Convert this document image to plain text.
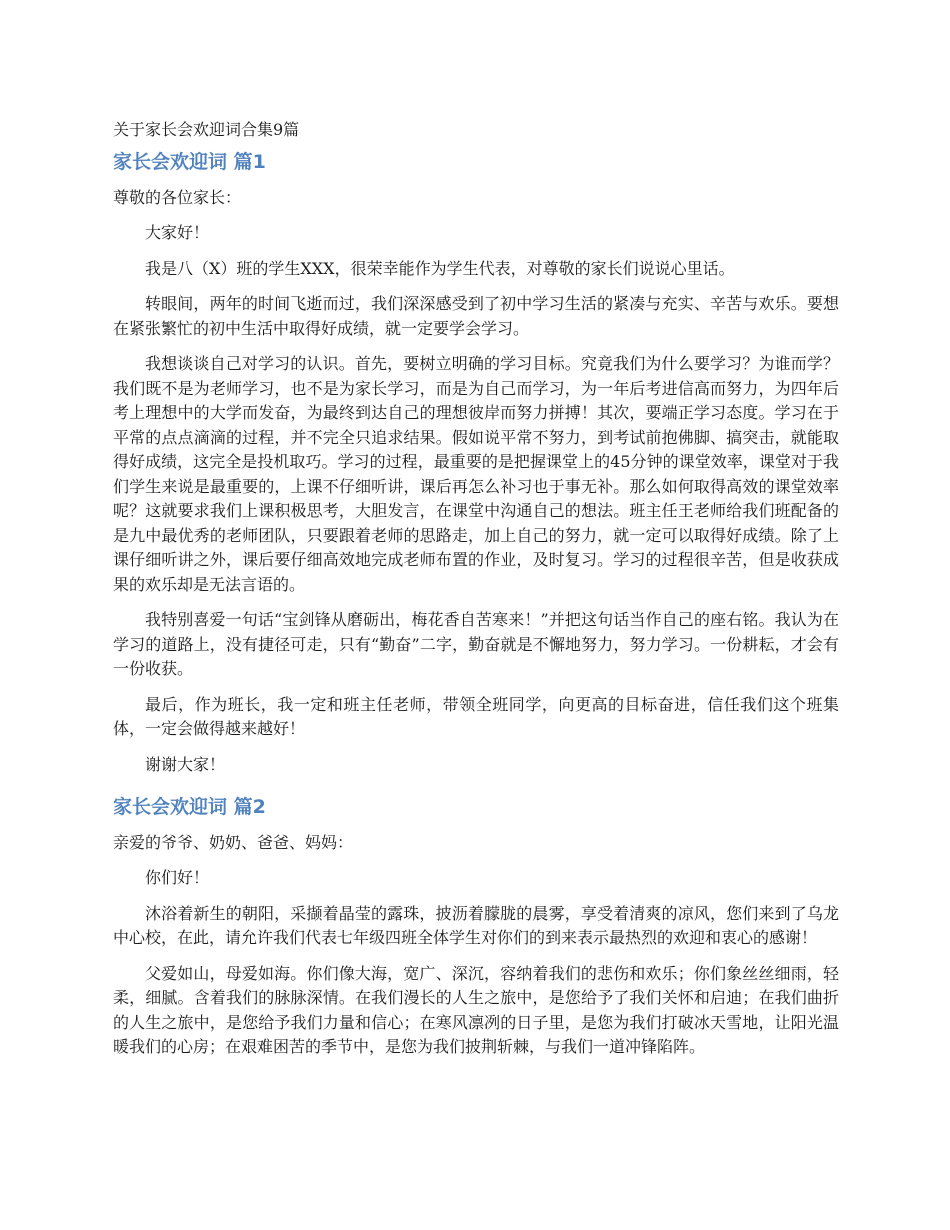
关于家长会欢迎词合集9篇
家长会欢迎词 篇1
尊敬的各位家长：

大家好！

我是八（X）班的学生XXX，很荣幸能作为学生代表，对尊敬的家长们说说心里话。

转眼间，两年的时间飞逝而过，我们深深感受到了初中学习生活的紧凑与充实、辛苦与欢乐。要想在紧张繁忙的初中生活中取得好成绩，就一定要学会学习。

我想谈谈自己对学习的认识。首先，要树立明确的学习目标。究竟我们为什么要学习？为谁而学？我们既不是为老师学习，也不是为家长学习，而是为自己而学习，为一年后考进信高而努力，为四年后考上理想中的大学而发奋，为最终到达自己的理想彼岸而努力拼搏！其次，要端正学习态度。学习在于平常的点点滴滴的过程，并不完全只追求结果。假如说平常不努力，到考试前抱佛脚、搞突击，就能取得好成绩，这完全是投机取巧。学习的过程，最重要的是把握课堂上的45分钟的课堂效率，课堂对于我们学生来说是最重要的，上课不仔细听讲，课后再怎么补习也于事无补。那么如何取得高效的课堂效率呢？这就要求我们上课积极思考，大胆发言，在课堂中沟通自己的想法。班主任王老师给我们班配备的是九中最优秀的老师团队，只要跟着老师的思路走，加上自己的努力，就一定可以取得好成绩。除了上课仔细听讲之外，课后要仔细高效地完成老师布置的作业，及时复习。学习的过程很辛苦，但是收获成果的欢乐却是无法言语的。

我特别喜爱一句话“宝剑锋从磨砺出，梅花香自苦寒来！”并把这句话当作自己的座右铭。我认为在学习的道路上，没有捷径可走，只有“勤奋”二字，勤奋就是不懈地努力，努力学习。一份耕耘，才会有一份收获。

最后，作为班长，我一定和班主任老师，带领全班同学，向更高的目标奋进，信任我们这个班集体，一定会做得越来越好！

谢谢大家！

家长会欢迎词 篇2
亲爱的爷爷、奶奶、爸爸、妈妈：

你们好！

沐浴着新生的朝阳，采撷着晶莹的露珠，披沥着朦胧的晨雾，享受着清爽的凉风，您们来到了乌龙中心校，在此，请允许我们代表七年级四班全体学生对你们的到来表示最热烈的欢迎和衷心的感谢！

父爱如山，母爱如海。你们像大海，宽广、深沉，容纳着我们的悲伤和欢乐；你们象丝丝细雨，轻柔，细腻。含着我们的脉脉深情。在我们漫长的人生之旅中，是您给予了我们关怀和启迪；在我们曲折的人生之旅中，是您给予我们力量和信心；在寒风凛冽的日子里，是您为我们打破冰天雪地，让阳光温暖我们的心房；在艰难困苦的季节中，是您为我们披荆斩棘，与我们一道冲锋陷阵。
